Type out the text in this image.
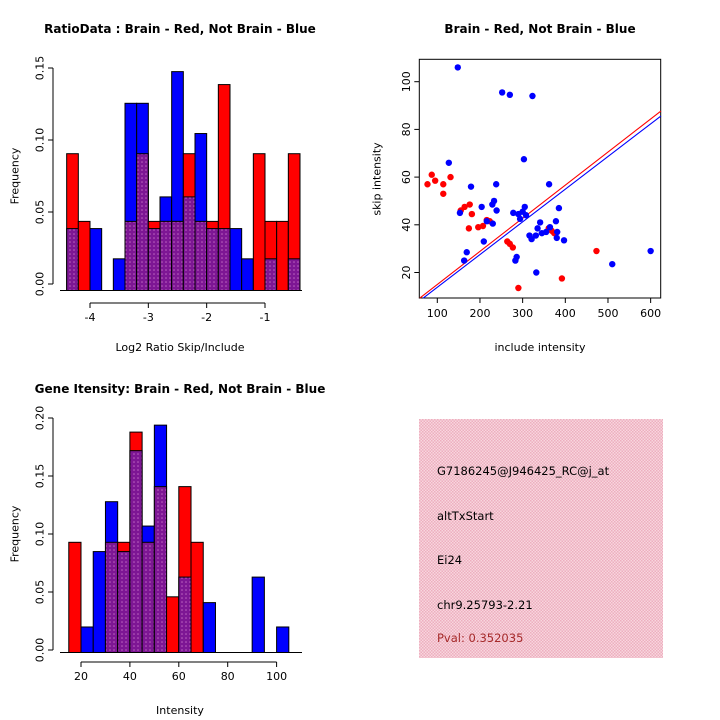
0.00
0.05
0.10
0.15
-4	-3	-2	-1	100 200 300 400 500 600
20
40
60
80
100
0.00
0.05
0.10
0.15
0.20
20	40	60	80	100
RatioData : Brain - Red, Not Brain - Blue	Brain - Red, Not Brain - Blue
Gene Itensity: Brain - Red, Not Brain - Blue
Log2 Ratio Skip/Include	include intensity
Intensity
Frequency	skip intensity
Frequency
G7186245@J946425_RC@j_at
altTxStart
Ei24
chr9.25793-2.21
Pval: 0.352035
